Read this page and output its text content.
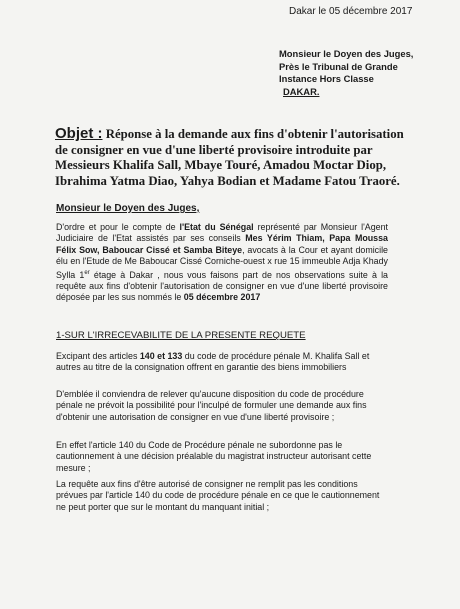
Dakar le 05 décembre 2017
Monsieur le Doyen des Juges,
Près le Tribunal de Grande
Instance Hors Classe
DAKAR.
Objet : Réponse à la demande aux fins d'obtenir l'autorisation de consigner en vue d'une liberté provisoire introduite par Messieurs Khalifa Sall, Mbaye Touré, Amadou Moctar Diop, Ibrahima Yatma Diao, Yahya Bodian et Madame Fatou Traoré.
Monsieur le Doyen des Juges,
D'ordre et pour le compte de l'Etat du Sénégal représenté par Monsieur l'Agent Judiciaire de l'Etat assistés par ses conseils Mes Yérim Thiam, Papa Moussa Félix Sow, Baboucar Cissé et Samba Biteye, avocats à la Cour et ayant domicile élu en l'Etude de Me Baboucar Cissé Corniche-ouest x rue 15 immeuble Adja Khady Sylla 1er étage à Dakar , nous vous faisons part de nos observations suite à la requête aux fins d'obtenir l'autorisation de consigner en vue d'une liberté provisoire déposée par les sus nommés le 05 décembre 2017
1-SUR L'IRRECEVABILITE DE LA PRESENTE REQUETE
Excipant des articles 140 et 133 du code de procédure pénale M. Khalifa Sall et autres au titre de la consignation offrent en garantie des biens immobiliers
D'emblée il conviendra de relever qu'aucune disposition du code de procédure pénale ne prévoit la possibilité pour l'inculpé de formuler une demande aux fins d'obtenir une autorisation de consigner en vue d'une liberté provisoire ;
En effet l'article 140 du Code de Procédure pénale ne subordonne pas le cautionnement à une décision préalable du magistrat instructeur autorisant cette mesure ;
La requête aux fins d'être autorisé de consigner ne remplit pas les conditions prévues par l'article 140 du code de procédure pénale en ce que le cautionnement ne peut porter que sur le montant du manquant initial ;
